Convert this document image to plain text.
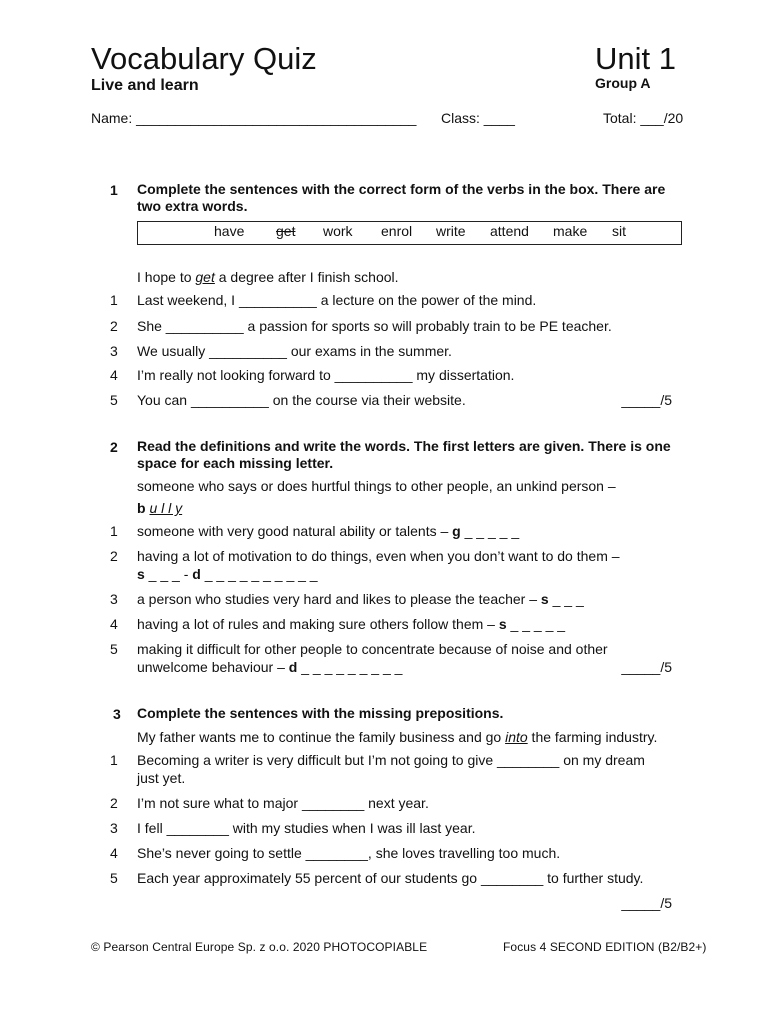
Vocabulary Quiz	Unit 1
Live and learn	Group A
Name: ____________________________________ Class: ____	Total: ___/20
1	Complete the sentences with the correct form of the verbs in the box. There are two extra words.
have get work enrol write attend make sit
I hope to get a degree after I finish school.
1	Last weekend, I __________ a lecture on the power of the mind.
2	She __________ a passion for sports so will probably train to be PE teacher.
3	We usually __________ our exams in the summer.
4	I’m really not looking forward to __________ my dissertation.
5	You can __________ on the course via their website.	_____/5
2	Read the definitions and write the words. The first letters are given. There is one space for each missing letter.
someone who says or does hurtful things to other people, an unkind person –
b u l l y
1	someone with very good natural ability or talents – g _ _ _ _ _
2	having a lot of motivation to do things, even when you don’t want to do them –
s _ _ _ - d _ _ _ _ _ _ _ _ _ _
3	a person who studies very hard and likes to please the teacher – s _ _ _
4	having a lot of rules and making sure others follow them – s _ _ _ _ _
5	making it difficult for other people to concentrate because of noise and other
unwelcome behaviour – d _ _ _ _ _ _ _ _ _	_____/5
3	Complete the sentences with the missing prepositions.
My father wants me to continue the family business and go into the farming industry.
1	Becoming a writer is very difficult but I’m not going to give ________ on my dream
just yet.
2	I’m not sure what to major ________ next year.
3	I fell ________ with my studies when I was ill last year.
4	She’s never going to settle ________, she loves travelling too much.
5	Each year approximately 55 percent of our students go ________ to further study.
_____/5
© Pearson Central Europe Sp. z o.o. 2020 PHOTOCOPIABLE	Focus 4 SECOND EDITION (B2/B2+)
